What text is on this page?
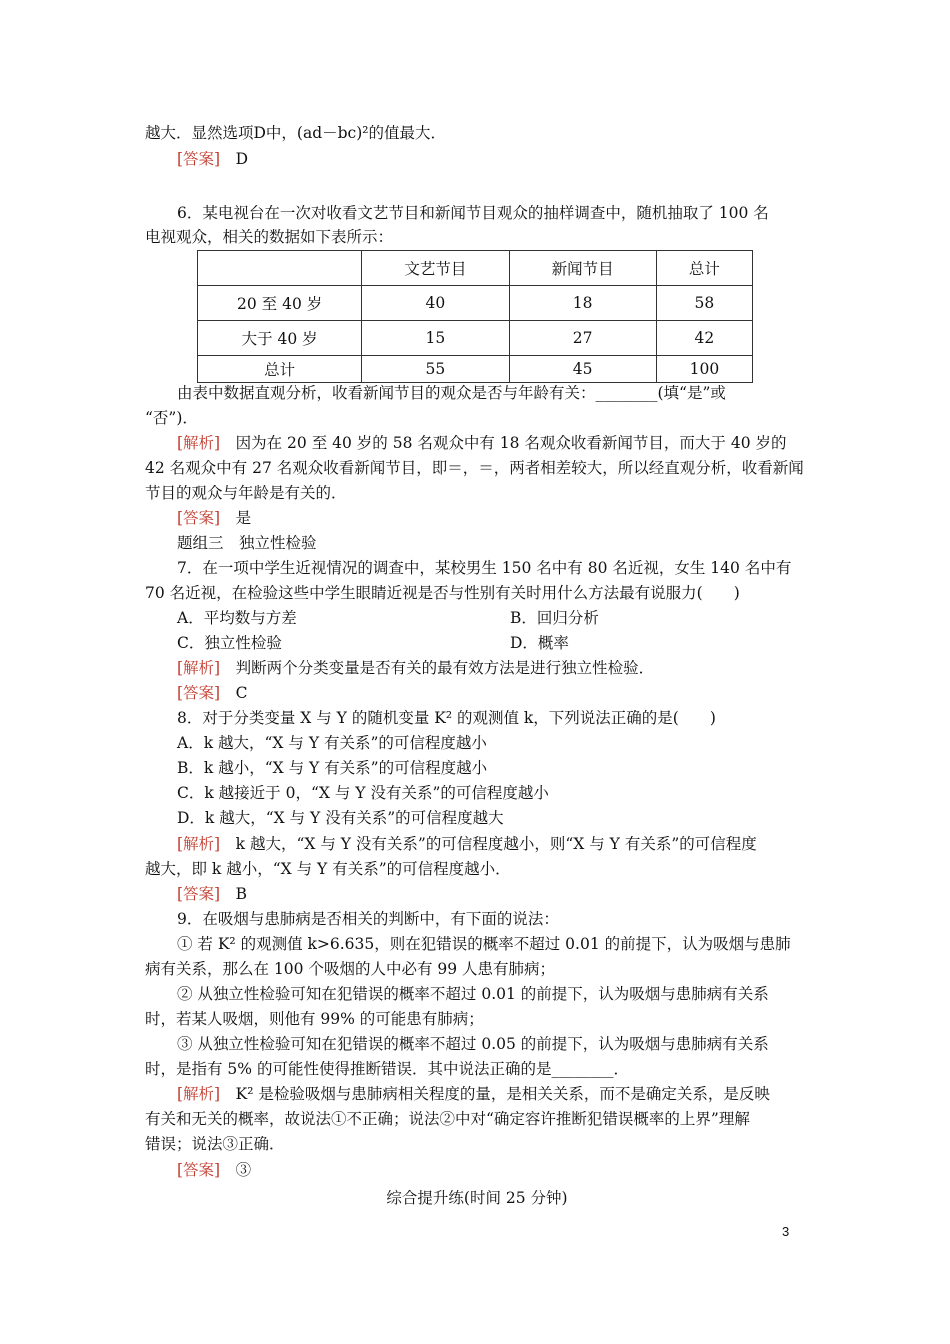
越大．显然选项D中，(ad－bc)²的值最大．
[答案]　 D
6．某电视台在一次对收看文艺节目和新闻节目观众的抽样调查中，随机抽取了 100 名
电视观众，相关的数据如下表所示：
	文艺节目	新闻节目	总计
20 至 40 岁	40	18	58
大于 40 岁	15	27	42
总计	55	45	100
由表中数据直观分析，收看新闻节目的观众是否与年龄有关：________(填“是”或
“否”)．
[解析]　 因为在 20 至 40 岁的 58 名观众中有 18 名观众收看新闻节目，而大于 40 岁的
42 名观众中有 27 名观众收看新闻节目，即＝，＝，两者相差较大，所以经直观分析，收看新闻
节目的观众与年龄是有关的．
[答案]　 是
题组三　独立性检验
7．在一项中学生近视情况的调查中，某校男生 150 名中有 80 名近视，女生 140 名中有
70 名近视，在检验这些中学生眼睛近视是否与性别有关时用什么方法最有说服力(　　)
A．平均数与方差	B．回归分析
C．独立性检验	D．概率
[解析]　 判断两个分类变量是否有关的最有效方法是进行独立性检验．
[答案]　 C
8．对于分类变量 X 与 Y 的随机变量 K² 的观测值 k，下列说法正确的是(　　)
A．k 越大，“X 与 Y 有关系”的可信程度越小
B．k 越小，“X 与 Y 有关系”的可信程度越小
C．k 越接近于 0，“X 与 Y 没有关系”的可信程度越小
D．k 越大，“X 与 Y 没有关系”的可信程度越大
[解析]　 k 越大，“X 与 Y 没有关系”的可信程度越小，则“X 与 Y 有关系”的可信程度
越大，即 k 越小，“X 与 Y 有关系”的可信程度越小．
[答案]　 B
9．在吸烟与患肺病是否相关的判断中，有下面的说法：
① 若 K² 的观测值 k>6.635，则在犯错误的概率不超过 0.01 的前提下，认为吸烟与患肺
病有关系，那么在 100 个吸烟的人中必有 99 人患有肺病；
② 从独立性检验可知在犯错误的概率不超过 0.01 的前提下，认为吸烟与患肺病有关系
时，若某人吸烟，则他有 99% 的可能患有肺病；
③ 从独立性检验可知在犯错误的概率不超过 0.05 的前提下，认为吸烟与患肺病有关系
时，是指有 5% 的可能性使得推断错误．其中说法正确的是________．
[解析]　 K² 是检验吸烟与患肺病相关程度的量，是相关关系，而不是确定关系，是反映
有关和无关的概率，故说法①不正确；说法②中对“确定容许推断犯错误概率的上界”理解
错误；说法③正确．
[答案]　 ③
综合提升练(时间 25 分钟)
3
